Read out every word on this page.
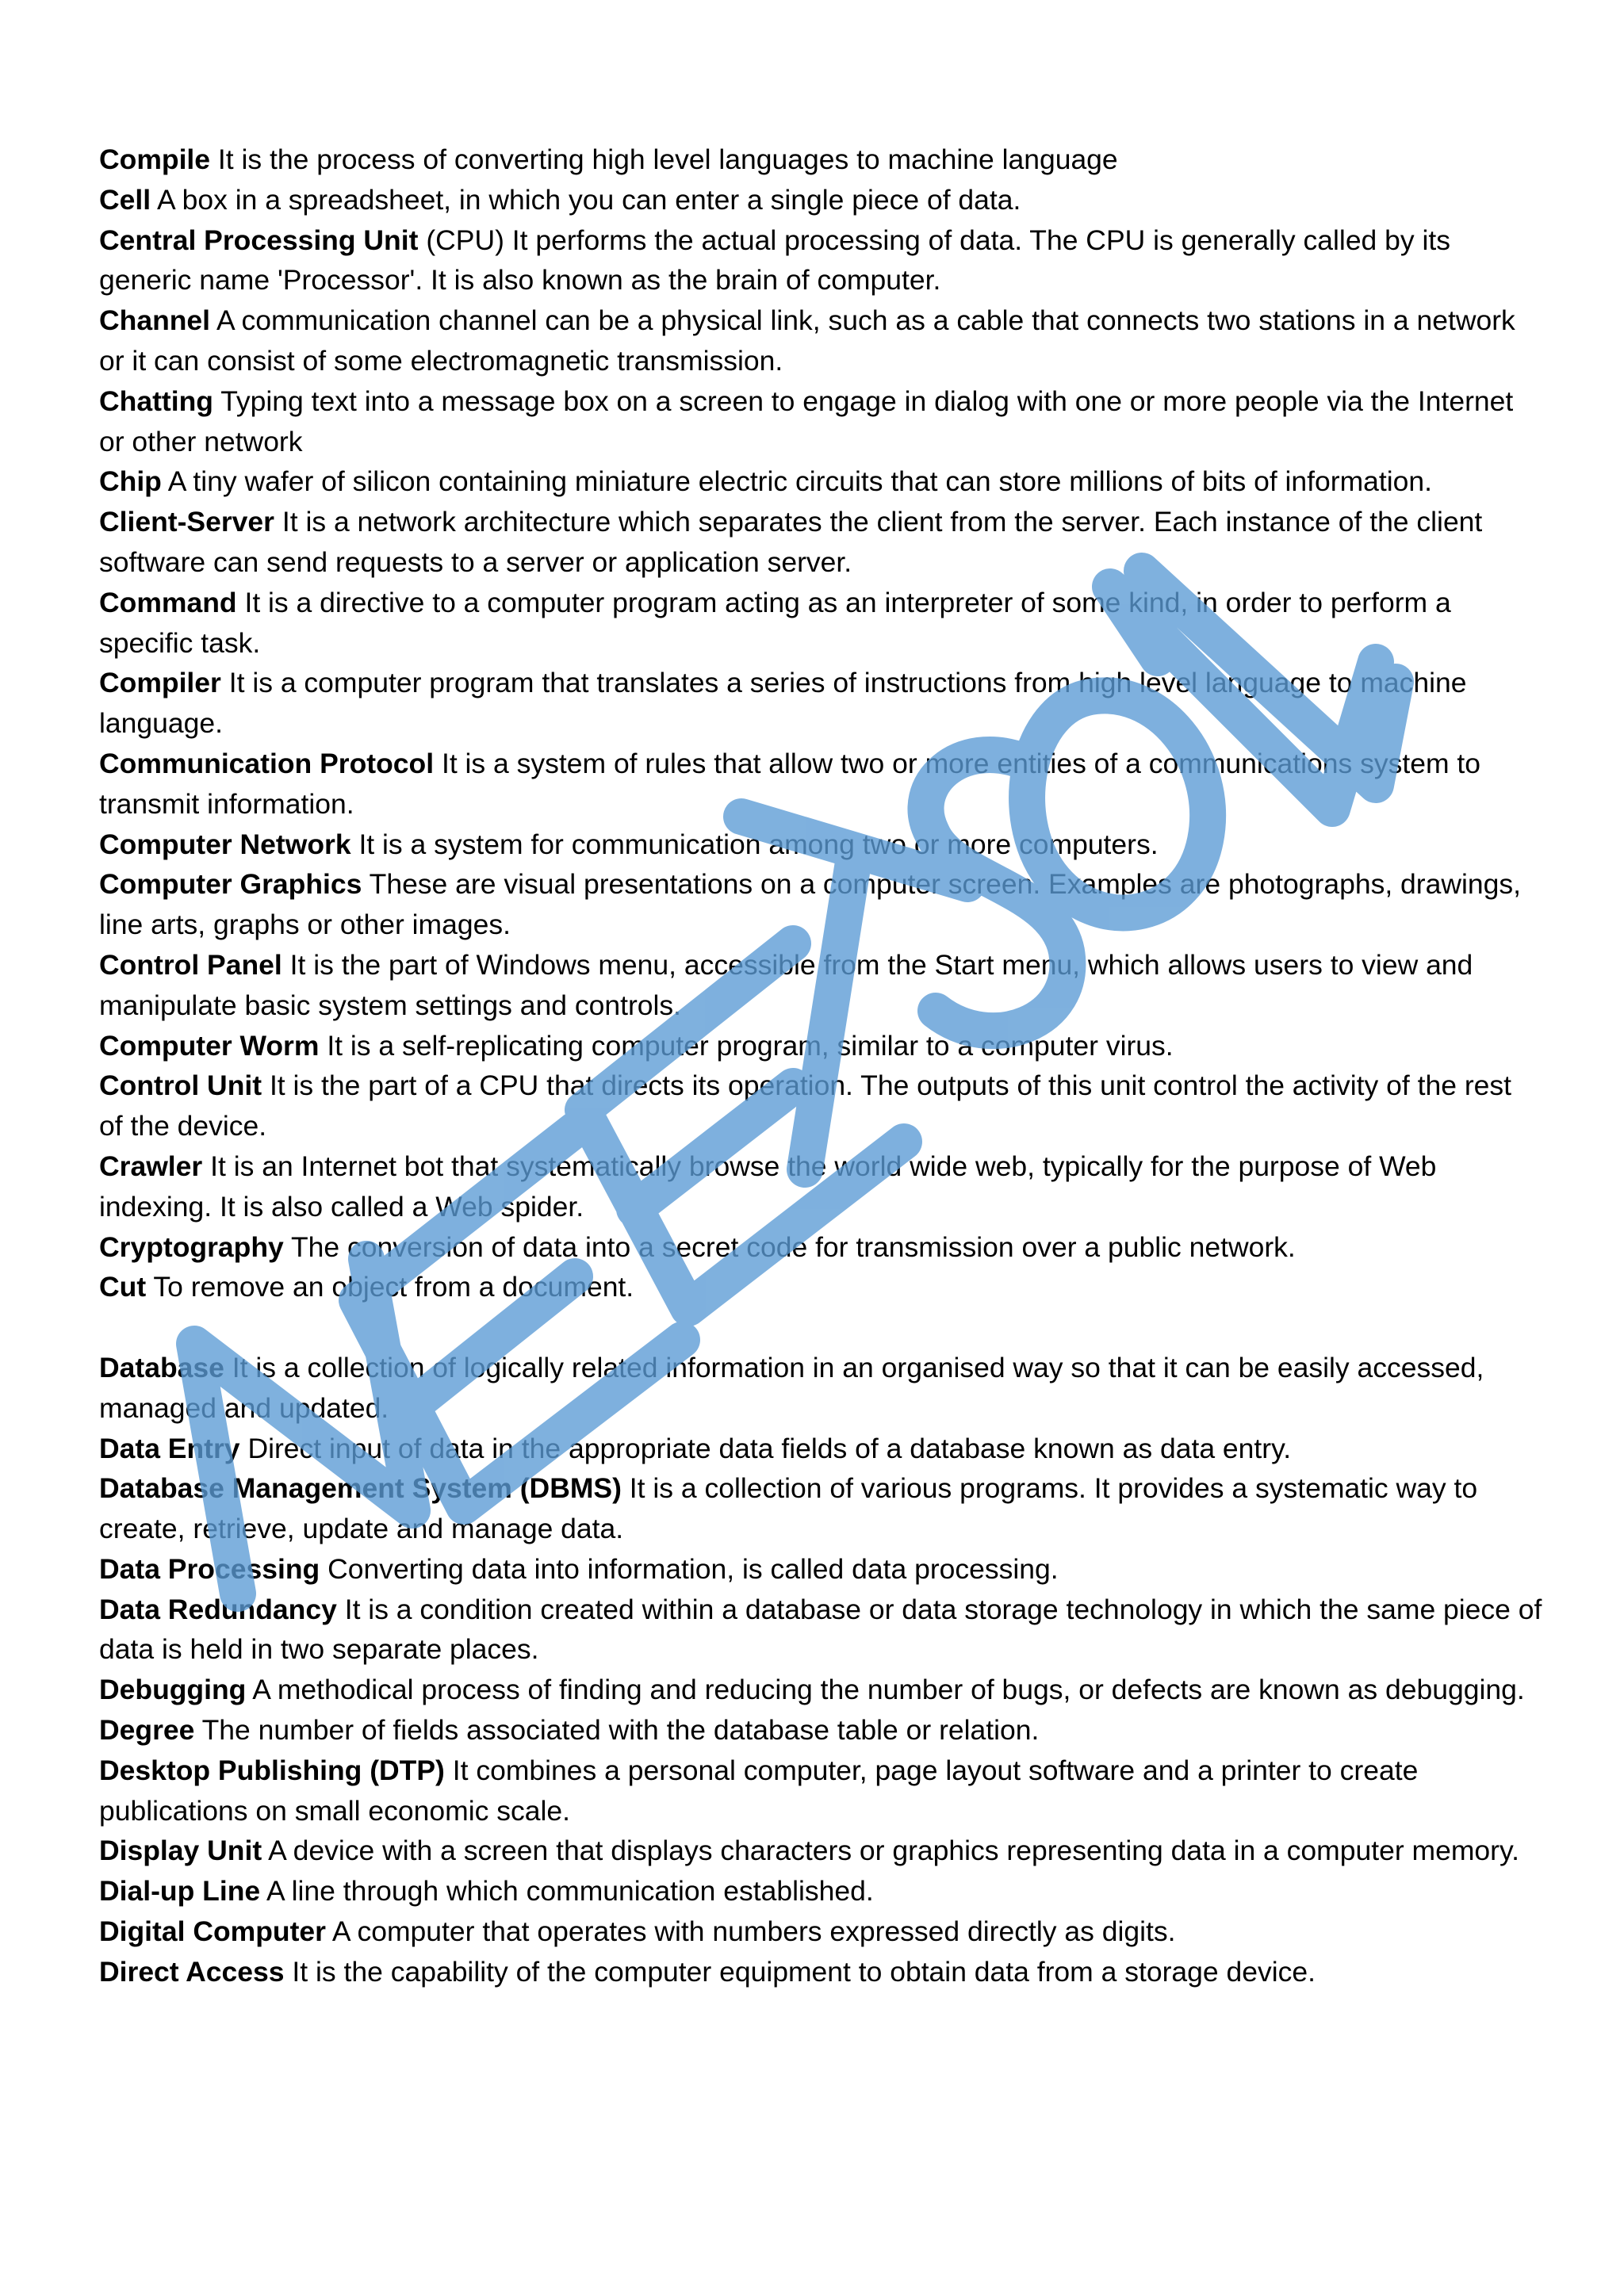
Compile It is the process of converting high level languages to machine language

Cell A box in a spreadsheet, in which you can enter a single piece of data.

Central Processing Unit (CPU) It performs the actual processing of data. The CPU is generally called by its generic name 'Processor'. It is also known as the brain of computer.

Channel A communication channel can be a physical link, such as a cable that connects two stations in a network or it can consist of some electromagnetic transmission.

Chatting Typing text into a message box on a screen to engage in dialog with one or more people via the Internet or other network

Chip A tiny wafer of silicon containing miniature electric circuits that can store millions of bits of information.

Client-Server It is a network architecture which separates the client from the server. Each instance of the client software can send requests to a server or application server.

Command It is a directive to a computer program acting as an interpreter of some kind, in order to perform a specific task.

Compiler It is a computer program that translates a series of instructions from high level language to machine language.

Communication Protocol It is a system of rules that allow two or more entities of a communications system to transmit information.

Computer Network It is a system for communication among two or more computers.

Computer Graphics These are visual presentations on a computer screen. Examples are photographs, drawings, line arts, graphs or other images.

Control Panel It is the part of Windows menu, accessible from the Start menu, which allows users to view and manipulate basic system settings and controls.

Computer Worm It is a self-replicating computer program, similar to a computer virus.

Control Unit It is the part of a CPU that directs its operation. The outputs of this unit control the activity of the rest of the device.

Crawler It is an Internet bot that systematically browse the world wide web, typically for the purpose of Web indexing. It is also called a Web spider.

Cryptography The conversion of data into a secret code for transmission over a public network.

Cut To remove an object from a document.

Database It is a collection of logically related information in an organised way so that it can be easily accessed, managed and updated.

Data Entry Direct input of data in the appropriate data fields of a database known as data entry.

Database Management System (DBMS) It is a collection of various programs. It provides a systematic way to create, retrieve, update and manage data.

Data Processing Converting data into information, is called data processing.

Data Redundancy It is a condition created within a database or data storage technology in which the same piece of data is held in two separate places.

Debugging A methodical process of finding and reducing the number of bugs, or defects are known as debugging.

Degree The number of fields associated with the database table or relation.

Desktop Publishing (DTP) It combines a personal computer, page layout software and a printer to create publications on small economic scale.

Display Unit A device with a screen that displays characters or graphics representing data in a computer memory.

Dial-up Line A line through which communication established.

Digital Computer A computer that operates with numbers expressed directly as digits.

Direct Access It is the capability of the computer equipment to obtain data from a storage device.
